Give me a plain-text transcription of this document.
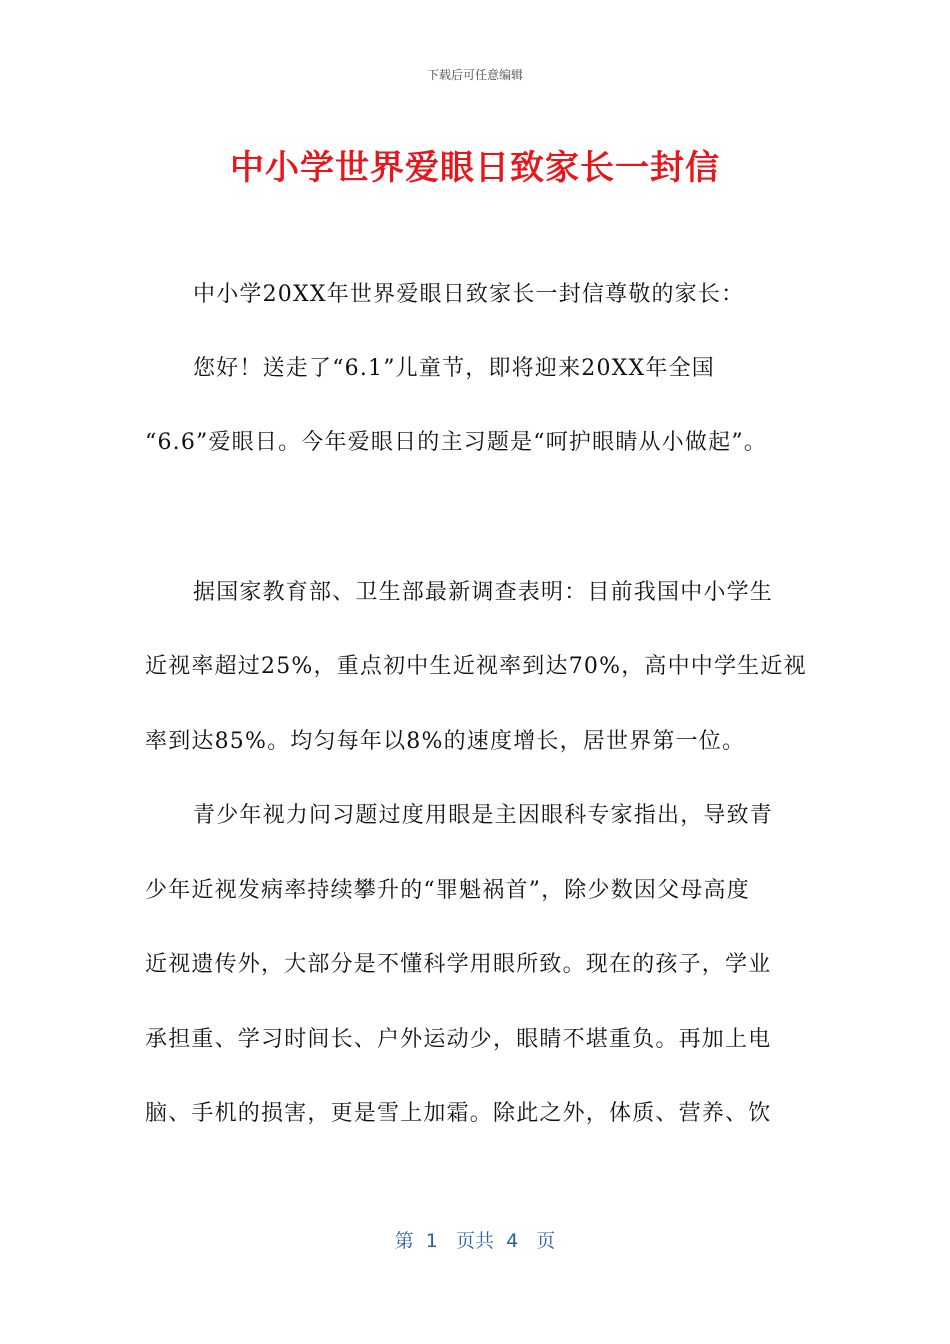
下载后可任意编辑
中小学世界爱眼日致家长一封信
中小学20XX年世界爱眼日致家长一封信尊敬的家长：
您好！送走了“6.1”儿童节，即将迎来20XX年全国
“6.6”爱眼日。今年爱眼日的主习题是“呵护眼睛从小做起”。
据国家教育部、卫生部最新调查表明：目前我国中小学生
近视率超过25%，重点初中生近视率到达70%，高中中学生近视
率到达85%。均匀每年以8%的速度增长，居世界第一位。
青少年视力问习题过度用眼是主因眼科专家指出，导致青
少年近视发病率持续攀升的“罪魁祸首”，除少数因父母高度
近视遗传外，大部分是不懂科学用眼所致。现在的孩子，学业
承担重、学习时间长、户外运动少，眼睛不堪重负。再加上电
脑、手机的损害，更是雪上加霜。除此之外，体质、营养、饮
第  1   页共  4   页
